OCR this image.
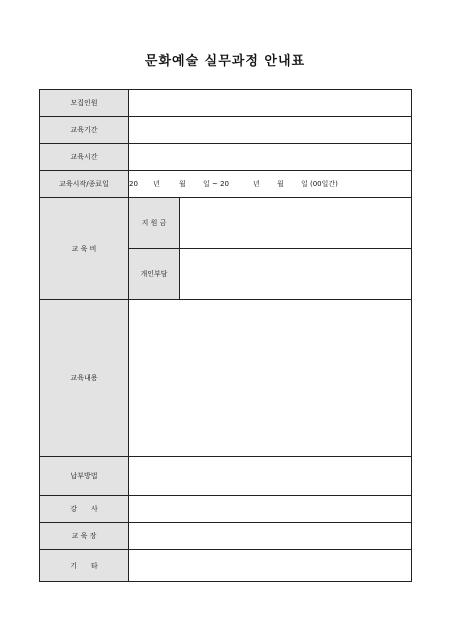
문화예술 실무과정 안내표
모집인원		
교육기간		
교육시간		
교육시작/종료일	20 년 월 일 ~ 20 년 월 일 (00일간)	
교 육 비	지 원 금	
	개인부담	
교육내용		
납부방법		
강　　사		
교 육 장		
기　　타		
